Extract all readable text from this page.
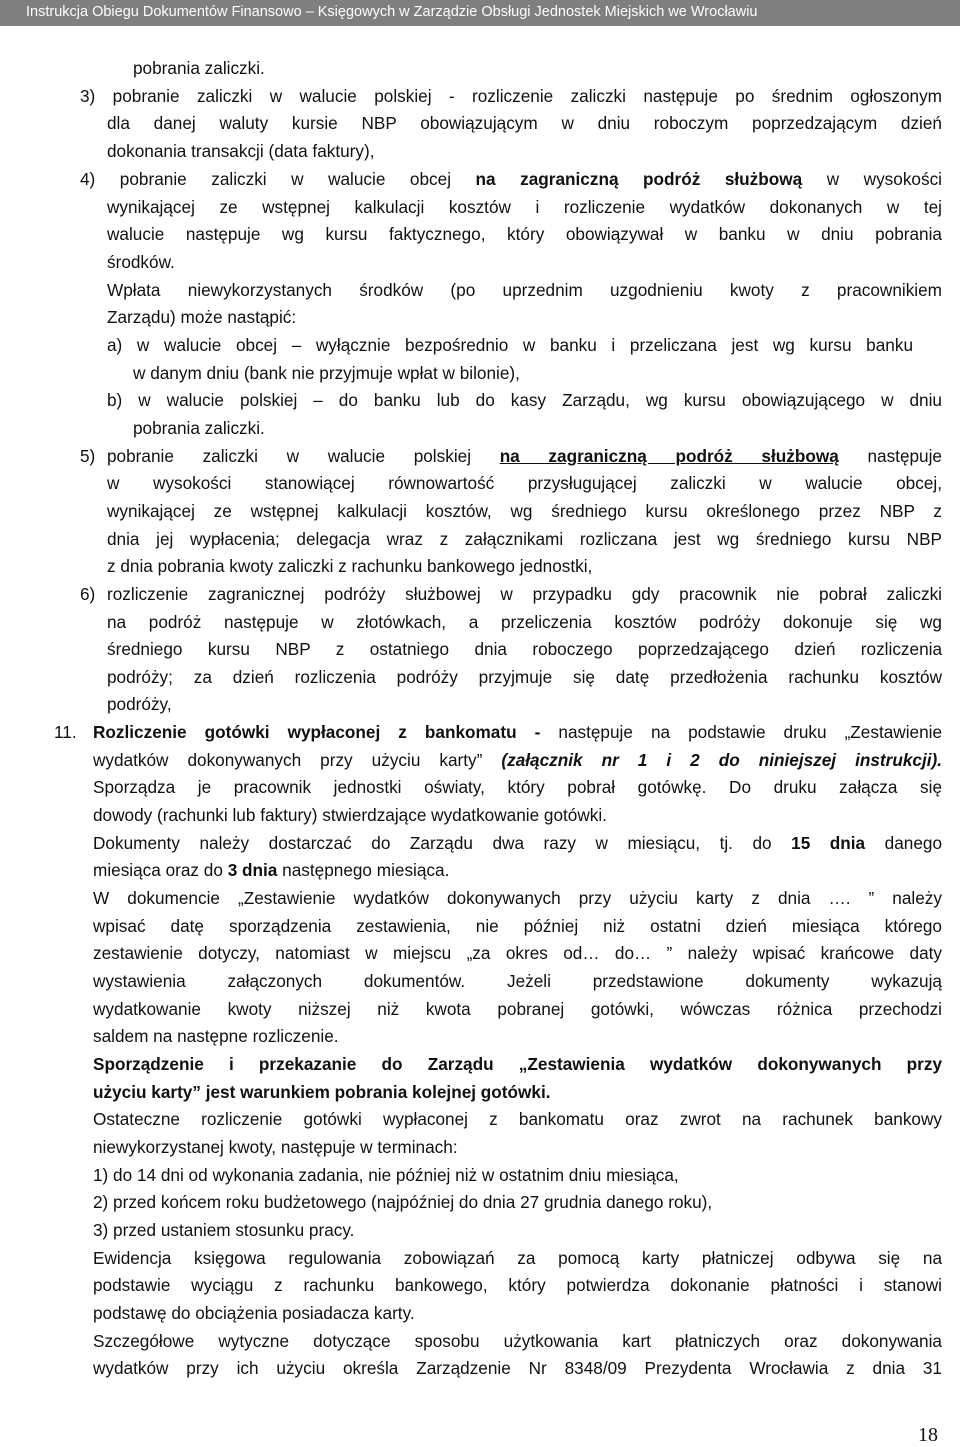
Instrukcja Obiegu Dokumentów Finansowo – Księgowych w Zarządzie Obsługi Jednostek Miejskich we Wrocławiu
pobrania zaliczki.
3) pobranie zaliczki w walucie polskiej - rozliczenie zaliczki następuje po średnim ogłoszonym
dla danej waluty kursie NBP obowiązującym w dniu roboczym poprzedzającym dzień
dokonania transakcji (data faktury),
4) pobranie zaliczki w walucie obcej na zagraniczną podróż służbową w wysokości
wynikającej ze wstępnej kalkulacji kosztów i rozliczenie wydatków dokonanych w tej
walucie następuje wg kursu faktycznego, który obowiązywał w banku w dniu pobrania
środków.
Wpłata niewykorzystanych środków (po uprzednim uzgodnieniu kwoty z pracownikiem
Zarządu) może nastąpić:
a) w walucie obcej – wyłącznie bezpośrednio w banku i przeliczana jest wg kursu banku
w danym dniu (bank nie przyjmuje wpłat w bilonie),
b) w walucie polskiej – do banku lub do kasy Zarządu, wg kursu obowiązującego w dniu
pobrania zaliczki.
5) pobranie zaliczki w walucie polskiej na zagraniczną podróż służbową następuje
w wysokości stanowiącej równowartość przysługującej zaliczki w walucie obcej,
wynikającej ze wstępnej kalkulacji kosztów, wg średniego kursu określonego przez NBP z
dnia jej wypłacenia; delegacja wraz z załącznikami rozliczana jest wg średniego kursu NBP
z dnia pobrania kwoty zaliczki z rachunku bankowego jednostki,
6) rozliczenie zagranicznej podróży służbowej w przypadku gdy pracownik nie pobrał zaliczki
na podróż następuje w złotówkach, a przeliczenia kosztów podróży dokonuje się wg
średniego kursu NBP z ostatniego dnia roboczego poprzedzającego dzień rozliczenia
podróży; za dzień rozliczenia podróży przyjmuje się datę przedłożenia rachunku kosztów
podróży,
11. Rozliczenie gotówki wypłaconej z bankomatu - następuje na podstawie druku „Zestawienie
wydatków dokonywanych przy użyciu karty” (załącznik nr 1 i 2 do niniejszej instrukcji).
Sporządza je pracownik jednostki oświaty, który pobrał gotówkę. Do druku załącza się
dowody (rachunki lub faktury) stwierdzające wydatkowanie gotówki.
Dokumenty należy dostarczać do Zarządu dwa razy w miesiącu, tj. do 15 dnia danego
miesiąca oraz do 3 dnia następnego miesiąca.
W dokumencie „Zestawienie wydatków dokonywanych przy użyciu karty z dnia …. ” należy
wpisać datę sporządzenia zestawienia, nie później niż ostatni dzień miesiąca którego
zestawienie dotyczy, natomiast w miejscu „za okres od… do… ” należy wpisać krańcowe daty
wystawienia załączonych dokumentów. Jeżeli przedstawione dokumenty wykazują
wydatkowanie kwoty niższej niż kwota pobranej gotówki, wówczas różnica przechodzi
saldem na następne rozliczenie.
Sporządzenie i przekazanie do Zarządu „Zestawienia wydatków dokonywanych przy
użyciu karty” jest warunkiem pobrania kolejnej gotówki.
Ostateczne rozliczenie gotówki wypłaconej z bankomatu oraz zwrot na rachunek bankowy
niewykorzystanej kwoty, następuje w terminach:
1) do 14 dni od wykonania zadania, nie później niż w ostatnim dniu miesiąca,
2) przed końcem roku budżetowego (najpóźniej do dnia 27 grudnia danego roku),
3) przed ustaniem stosunku pracy.
Ewidencja księgowa regulowania zobowiązań za pomocą karty płatniczej odbywa się na
podstawie wyciągu z rachunku bankowego, który potwierdza dokonanie płatności i stanowi
podstawę do obciążenia posiadacza karty.
Szczegółowe wytyczne dotyczące sposobu użytkowania kart płatniczych oraz dokonywania
wydatków przy ich użyciu określa Zarządzenie Nr 8348/09 Prezydenta Wrocławia z dnia 31
18
